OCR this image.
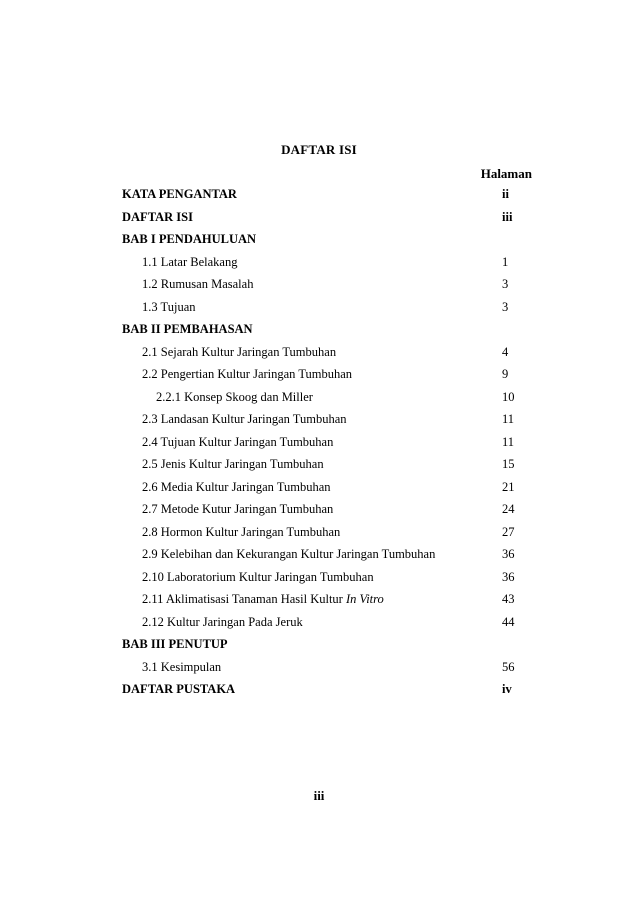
DAFTAR ISI
Halaman
KATA PENGANTAR	ii
DAFTAR ISI	iii
BAB I PENDAHULUAN
1.1 Latar Belakang	1
1.2 Rumusan Masalah	3
1.3 Tujuan	3
BAB II PEMBAHASAN
2.1 Sejarah Kultur Jaringan Tumbuhan	4
2.2 Pengertian Kultur Jaringan Tumbuhan	9
2.2.1 Konsep Skoog dan Miller	10
2.3 Landasan Kultur Jaringan Tumbuhan	11
2.4 Tujuan Kultur Jaringan Tumbuhan	11
2.5 Jenis Kultur Jaringan Tumbuhan	15
2.6 Media Kultur Jaringan Tumbuhan	21
2.7 Metode Kutur Jaringan Tumbuhan	24
2.8 Hormon Kultur Jaringan Tumbuhan	27
2.9 Kelebihan dan Kekurangan Kultur Jaringan Tumbuhan	36
2.10 Laboratorium Kultur Jaringan Tumbuhan	36
2.11 Aklimatisasi Tanaman Hasil Kultur In Vitro	43
2.12 Kultur Jaringan Pada Jeruk	44
BAB III PENUTUP
3.1 Kesimpulan	56
DAFTAR PUSTAKA	iv
iii
